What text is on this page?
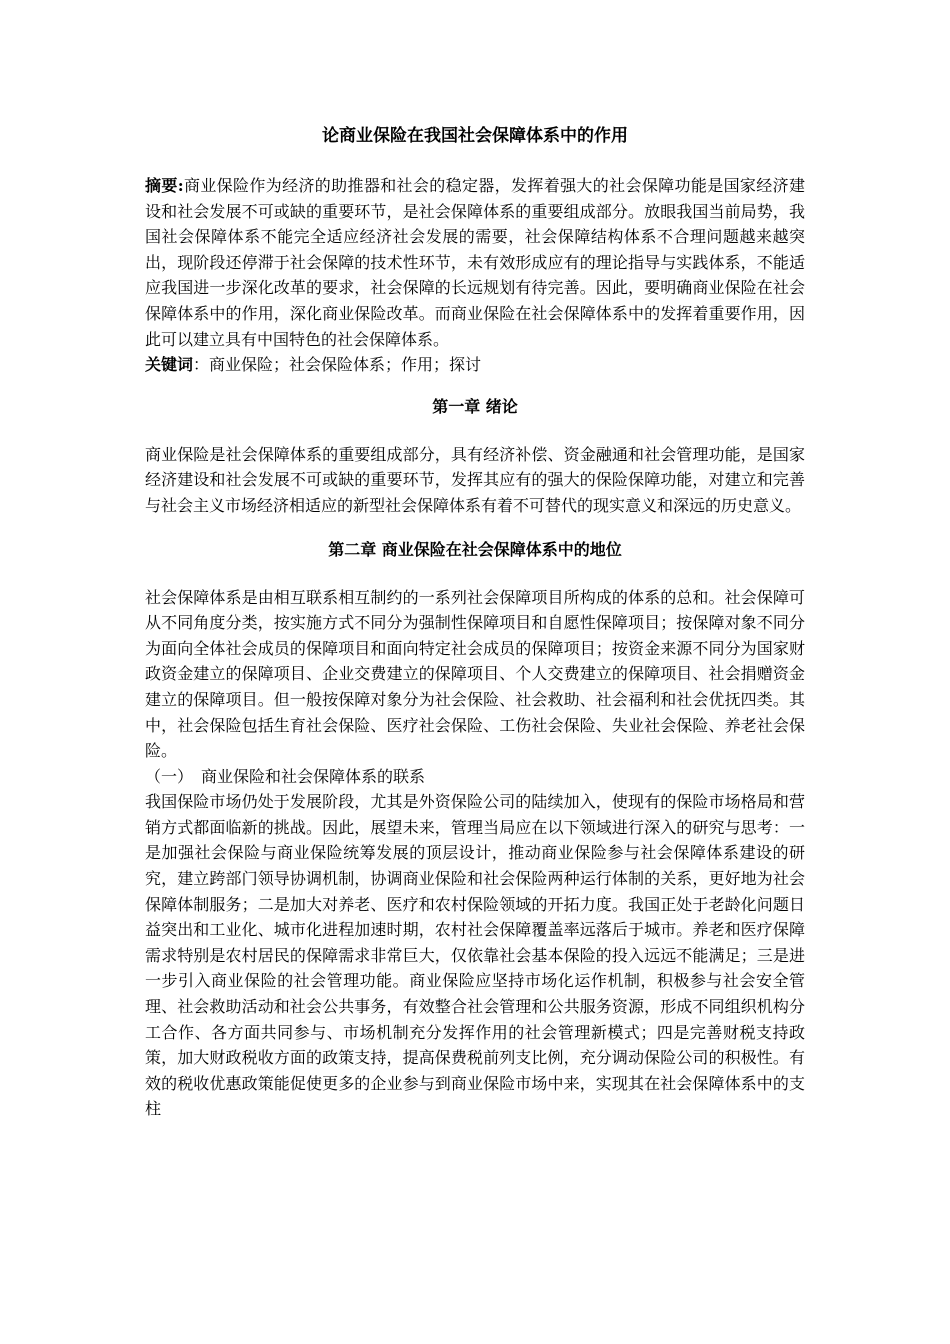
论商业保险在我国社会保障体系中的作用

摘要:商业保险作为经济的助推器和社会的稳定器，发挥着强大的社会保障功能是国家经济建设和社会发展不可或缺的重要环节，是社会保障体系的重要组成部分。放眼我国当前局势，我国社会保障体系不能完全适应经济社会发展的需要，社会保障结构体系不合理问题越来越突出，现阶段还停滞于社会保障的技术性环节，未有效形成应有的理论指导与实践体系，不能适应我国进一步深化改革的要求，社会保障的长远规划有待完善。因此，要明确商业保险在社会保障体系中的作用，深化商业保险改革。而商业保险在社会保障体系中的发挥着重要作用，因此可以建立具有中国特色的社会保障体系。

关键词：商业保险；社会保险体系；作用；探讨

第一章 绪论

商业保险是社会保障体系的重要组成部分，具有经济补偿、资金融通和社会管理功能，是国家经济建设和社会发展不可或缺的重要环节，发挥其应有的强大的保险保障功能，对建立和完善与社会主义市场经济相适应的新型社会保障体系有着不可替代的现实意义和深远的历史意义。

第二章 商业保险在社会保障体系中的地位

社会保障体系是由相互联系相互制约的一系列社会保障项目所构成的体系的总和。社会保障可从不同角度分类，按实施方式不同分为强制性保障项目和自愿性保障项目；按保障对象不同分为面向全体社会成员的保障项目和面向特定社会成员的保障项目；按资金来源不同分为国家财政资金建立的保障项目、企业交费建立的保障项目、个人交费建立的保障项目、社会捐赠资金建立的保障项目。但一般按保障对象分为社会保险、社会救助、社会福利和社会优抚四类。其中，社会保险包括生育社会保险、医疗社会保险、工伤社会保险、失业社会保险、养老社会保险。

（一）　商业保险和社会保障体系的联系

我国保险市场仍处于发展阶段，尤其是外资保险公司的陆续加入，使现有的保险市场格局和营销方式都面临新的挑战。因此，展望未来，管理当局应在以下领域进行深入的研究与思考：一是加强社会保险与商业保险统筹发展的顶层设计，推动商业保险参与社会保障体系建设的研究，建立跨部门领导协调机制，协调商业保险和社会保险两种运行体制的关系，更好地为社会保障体制服务；二是加大对养老、医疗和农村保险领域的开拓力度。我国正处于老龄化问题日益突出和工业化、城市化进程加速时期，农村社会保障覆盖率远落后于城市。养老和医疗保障需求特别是农村居民的保障需求非常巨大，仅依靠社会基本保险的投入远远不能满足；三是进一步引入商业保险的社会管理功能。商业保险应坚持市场化运作机制，积极参与社会安全管理、社会救助活动和社会公共事务，有效整合社会管理和公共服务资源，形成不同组织机构分工合作、各方面共同参与、市场机制充分发挥作用的社会管理新模式；四是完善财税支持政策，加大财政税收方面的政策支持，提高保费税前列支比例，充分调动保险公司的积极性。有效的税收优惠政策能促使更多的企业参与到商业保险市场中来，实现其在社会保障体系中的支柱
